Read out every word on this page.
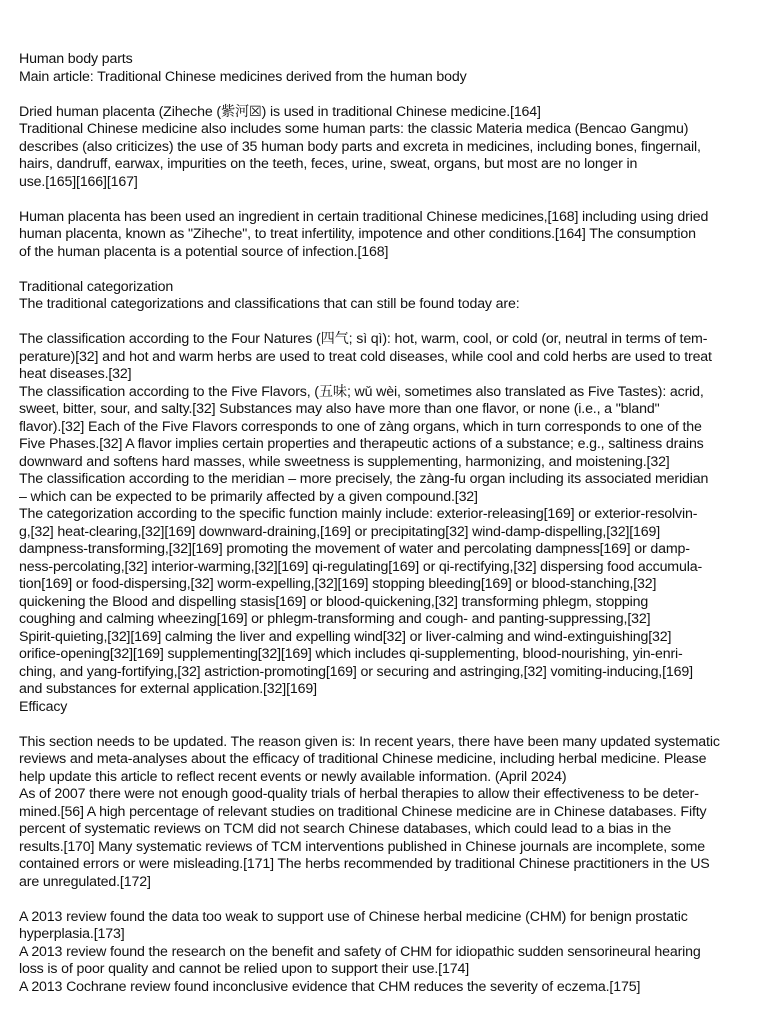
Human body parts
Main article: Traditional Chinese medicines derived from the human body
Dried human placenta (Ziheche (紫河☒) is used in traditional Chinese medicine.[164]
Traditional Chinese medicine also includes some human parts: the classic Materia medica (Bencao Gangmu)
describes (also criticizes) the use of 35 human body parts and excreta in medicines, including bones, fingernail,
hairs, dandruff, earwax, impurities on the teeth, feces, urine, sweat, organs, but most are no longer in
use.[165][166][167]
Human placenta has been used an ingredient in certain traditional Chinese medicines,[168] including using dried
human placenta, known as "Ziheche", to treat infertility, impotence and other conditions.[164] The consumption
of the human placenta is a potential source of infection.[168]
Traditional categorization
The traditional categorizations and classifications that can still be found today are:
The classification according to the Four Natures (四气; sì qì): hot, warm, cool, or cold (or, neutral in terms of tem-
perature)[32] and hot and warm herbs are used to treat cold diseases, while cool and cold herbs are used to treat
heat diseases.[32]
The classification according to the Five Flavors, (五味; wǔ wèi, sometimes also translated as Five Tastes): acrid,
sweet, bitter, sour, and salty.[32] Substances may also have more than one flavor, or none (i.e., a "bland"
flavor).[32] Each of the Five Flavors corresponds to one of zàng organs, which in turn corresponds to one of the
Five Phases.[32] A flavor implies certain properties and therapeutic actions of a substance; e.g., saltiness drains
downward and softens hard masses, while sweetness is supplementing, harmonizing, and moistening.[32]
The classification according to the meridian – more precisely, the zàng-fu organ including its associated meridian
– which can be expected to be primarily affected by a given compound.[32]
The categorization according to the specific function mainly include: exterior-releasing[169] or exterior-resolvin-
g,[32] heat-clearing,[32][169] downward-draining,[169] or precipitating[32] wind-damp-dispelling,[32][169]
dampness-transforming,[32][169] promoting the movement of water and percolating dampness[169] or damp-
ness-percolating,[32] interior-warming,[32][169] qi-regulating[169] or qi-rectifying,[32] dispersing food accumula-
tion[169] or food-dispersing,[32] worm-expelling,[32][169] stopping bleeding[169] or blood-stanching,[32]
quickening the Blood and dispelling stasis[169] or blood-quickening,[32] transforming phlegm, stopping
coughing and calming wheezing[169] or phlegm-transforming and cough- and panting-suppressing,[32]
Spirit-quieting,[32][169] calming the liver and expelling wind[32] or liver-calming and wind-extinguishing[32]
orifice-opening[32][169] supplementing[32][169] which includes qi-supplementing, blood-nourishing, yin-enri-
ching, and yang-fortifying,[32] astriction-promoting[169] or securing and astringing,[32] vomiting-inducing,[169]
and substances for external application.[32][169]
Efficacy
This section needs to be updated. The reason given is: In recent years, there have been many updated systematic
reviews and meta-analyses about the efficacy of traditional Chinese medicine, including herbal medicine. Please
help update this article to reflect recent events or newly available information. (April 2024)
As of 2007 there were not enough good-quality trials of herbal therapies to allow their effectiveness to be deter-
mined.[56] A high percentage of relevant studies on traditional Chinese medicine are in Chinese databases. Fifty
percent of systematic reviews on TCM did not search Chinese databases, which could lead to a bias in the
results.[170] Many systematic reviews of TCM interventions published in Chinese journals are incomplete, some
contained errors or were misleading.[171] The herbs recommended by traditional Chinese practitioners in the US
are unregulated.[172]
A 2013 review found the data too weak to support use of Chinese herbal medicine (CHM) for benign prostatic
hyperplasia.[173]
A 2013 review found the research on the benefit and safety of CHM for idiopathic sudden sensorineural hearing
loss is of poor quality and cannot be relied upon to support their use.[174]
A 2013 Cochrane review found inconclusive evidence that CHM reduces the severity of eczema.[175]
